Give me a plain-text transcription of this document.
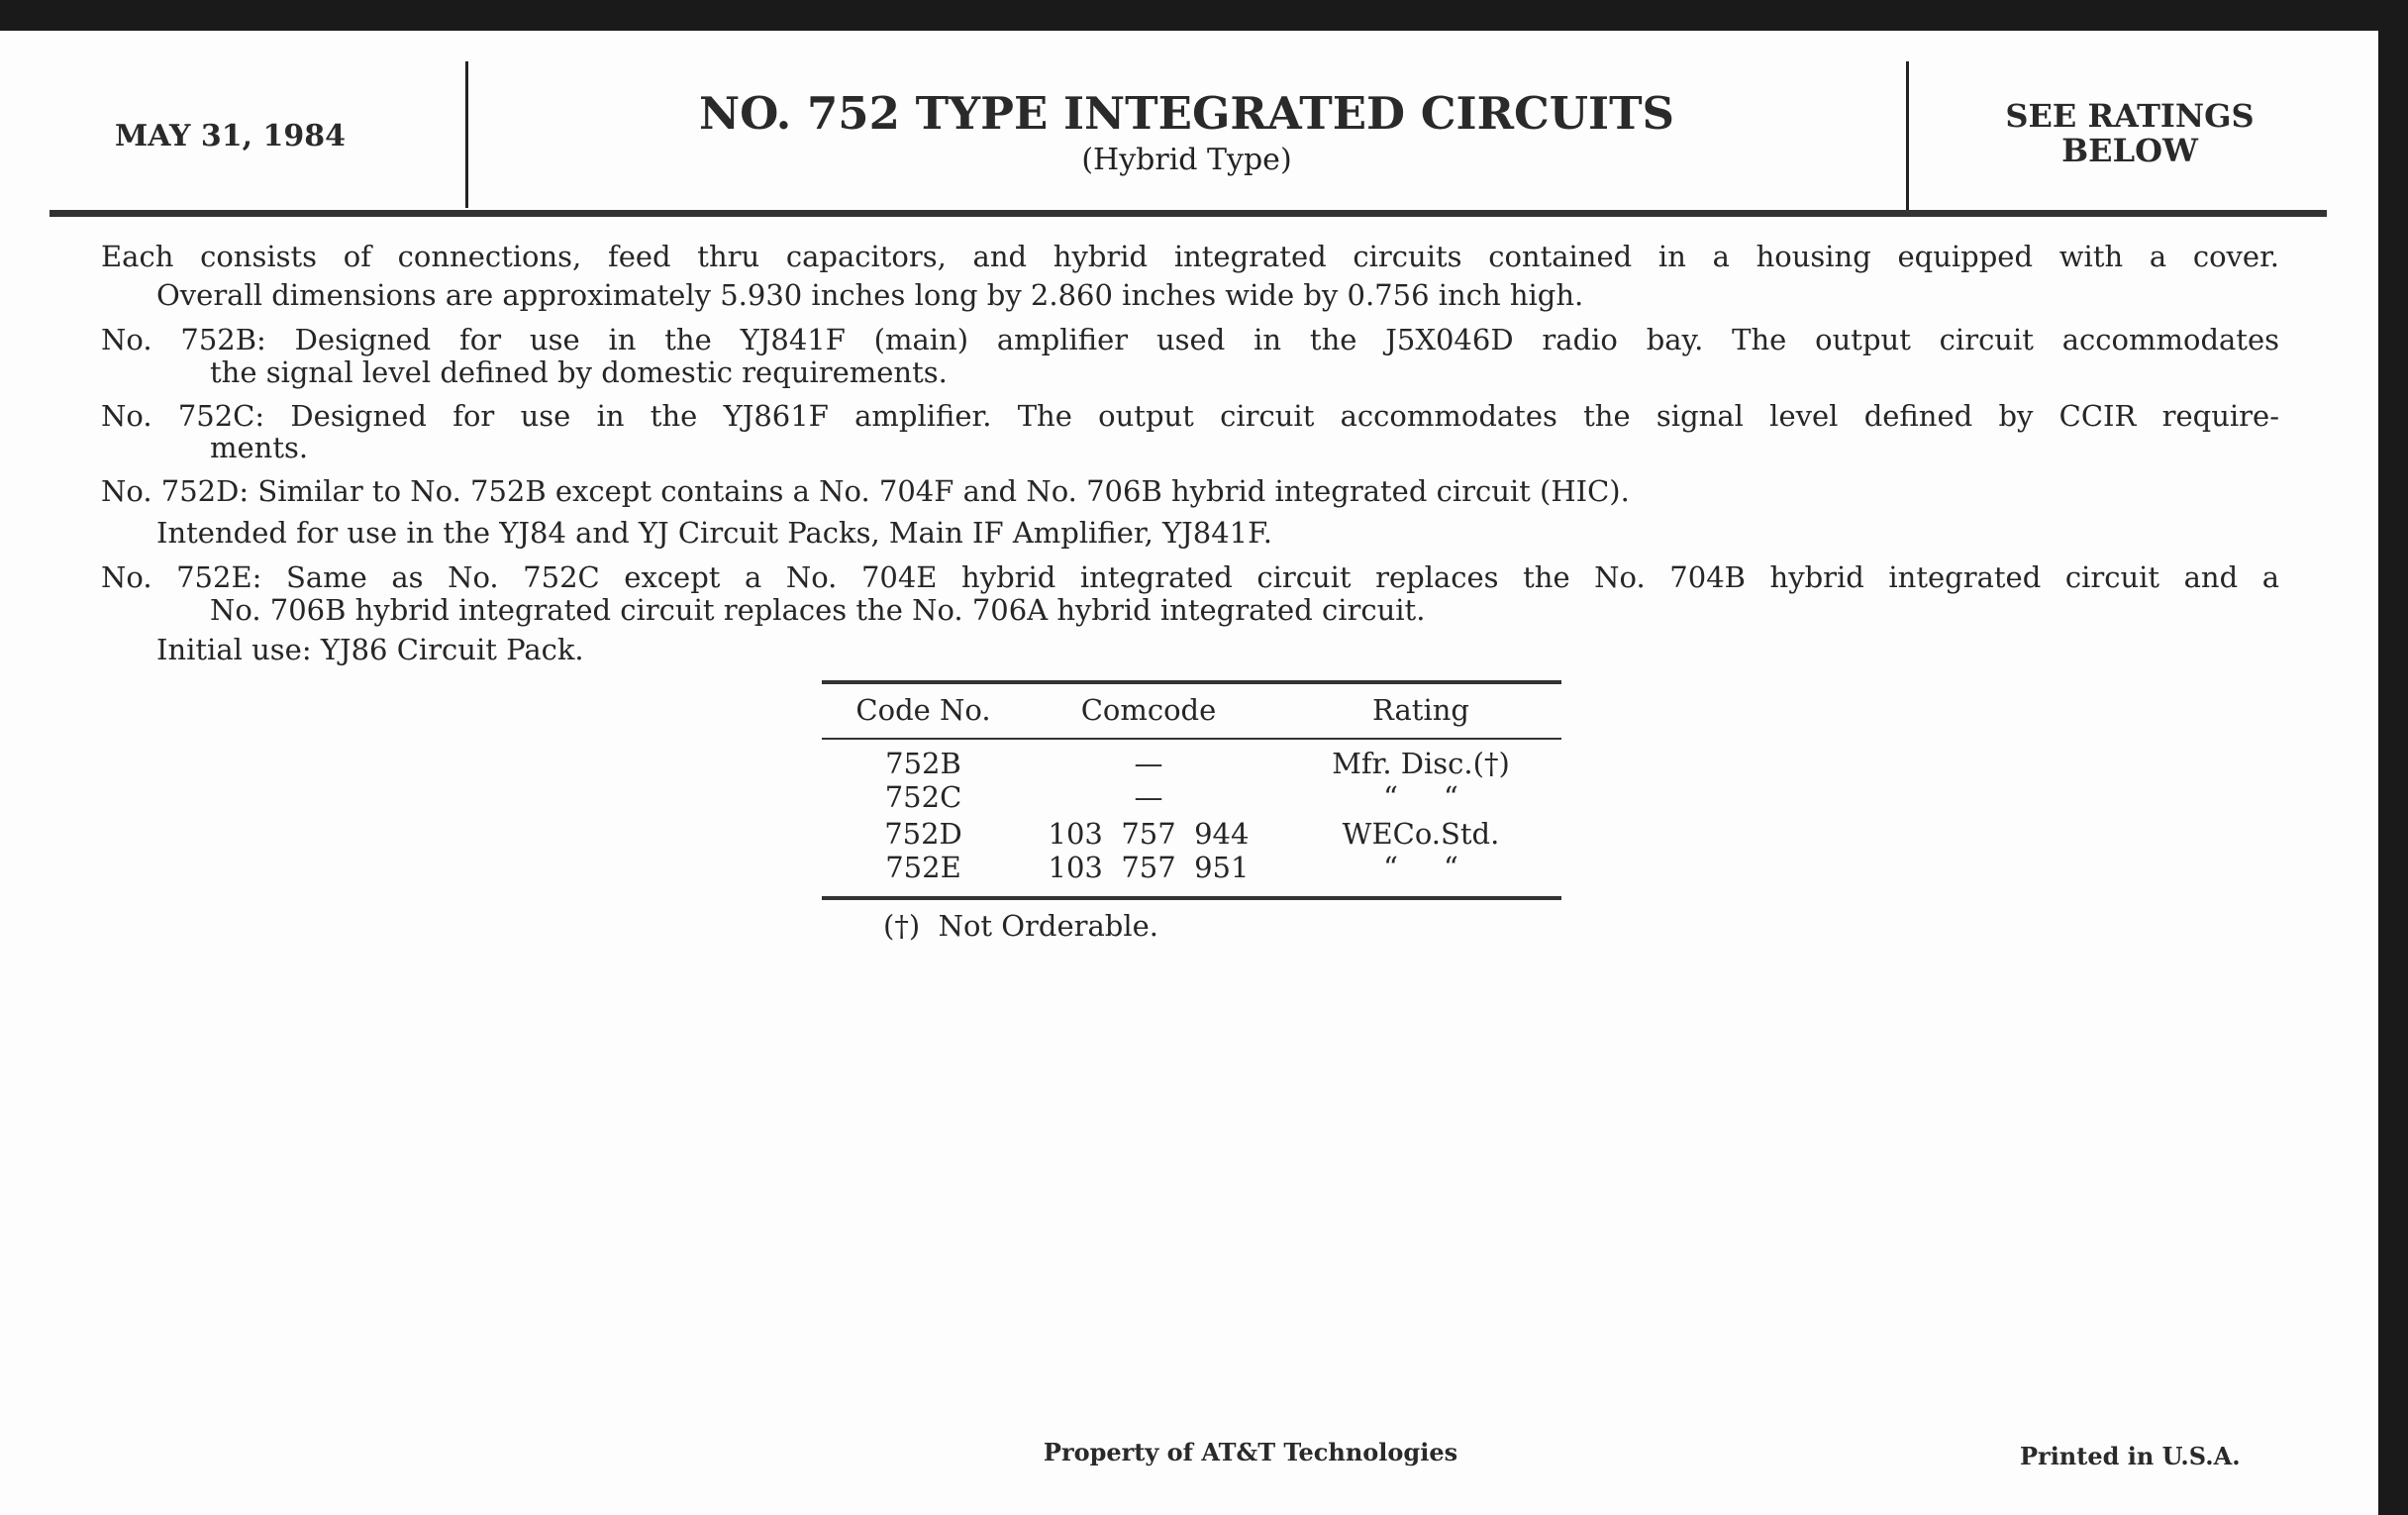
MAY 31, 1984	NO. 752 TYPE INTEGRATED CIRCUITS
(Hybrid Type)
SEE RATINGS
BELOW
Each consists of connections, feed thru capacitors, and hybrid integrated circuits contained in a housing equipped with a cover.
Overall dimensions are approximately 5.930 inches long by 2.860 inches wide by 0.756 inch high.
No. 752B: Designed for use in the YJ841F (main) amplifier used in the J5X046D radio bay. The output circuit accommodates
the signal level defined by domestic requirements.
No. 752C: Designed for use in the YJ861F amplifier. The output circuit accommodates the signal level defined by CCIR require-
ments.
No. 752D: Similar to No. 752B except contains a No. 704F and No. 706B hybrid integrated circuit (HIC).
Intended for use in the YJ84 and YJ Circuit Packs, Main IF Amplifier, YJ841F.
No. 752E: Same as No. 752C except a No. 704E hybrid integrated circuit replaces the No. 704B hybrid integrated circuit and a
No. 706B hybrid integrated circuit replaces the No. 706A hybrid integrated circuit.
Initial use: YJ86 Circuit Pack.
Code No.	Comcode	Rating
752B	—	Mfr. Disc.(†)
752C	—	“     “
752D	103  757  944	WECo.Std.
752E	103  757  951	“     “
(†)  Not Orderable.
Property of AT&T Technologies	Printed in U.S.A.
